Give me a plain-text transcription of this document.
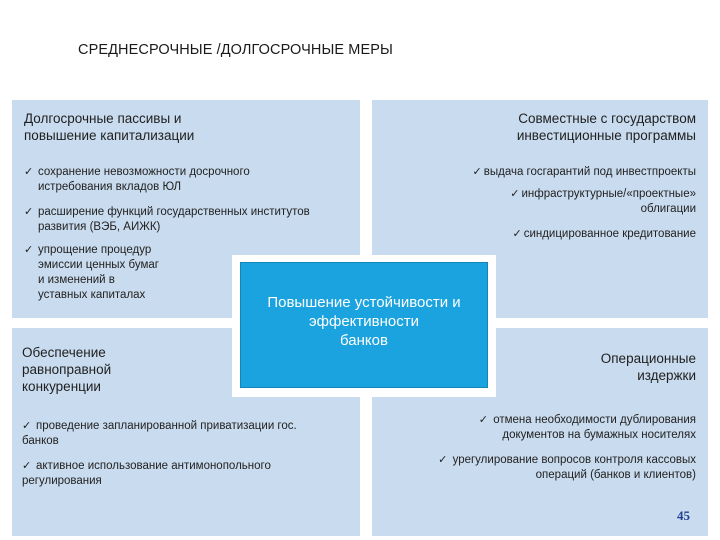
СРЕДНЕСРОЧНЫЕ /ДОЛГОСРОЧНЫЕ МЕРЫ
Долгосрочные пассивы и
повышение капитализации
✓ сохранение невозможности досрочного
истребования вкладов ЮЛ
✓ расширение функций государственных институтов
развития (ВЭБ, АИЖК)
✓ упрощение процедур
эмиссии ценных бумаг
и изменений в
уставных капиталах
Совместные с государством
инвестиционные программы
✓ выдача госгарантий под инвестпроекты
✓ инфраструктурные/«проектные»
облигации
✓ синдицированное кредитование
Обеспечение
равноправной
конкуренции
✓ проведение запланированной приватизации гос.
банков
✓ активное использование антимонопольного
регулирования
Операционные
издержки
✓ отмена необходимости дублирования
документов на бумажных носителях
✓ урегулирование вопросов контроля кассовых
операций (банков и клиентов)
45
Повышение устойчивости и
эффективности
банков
